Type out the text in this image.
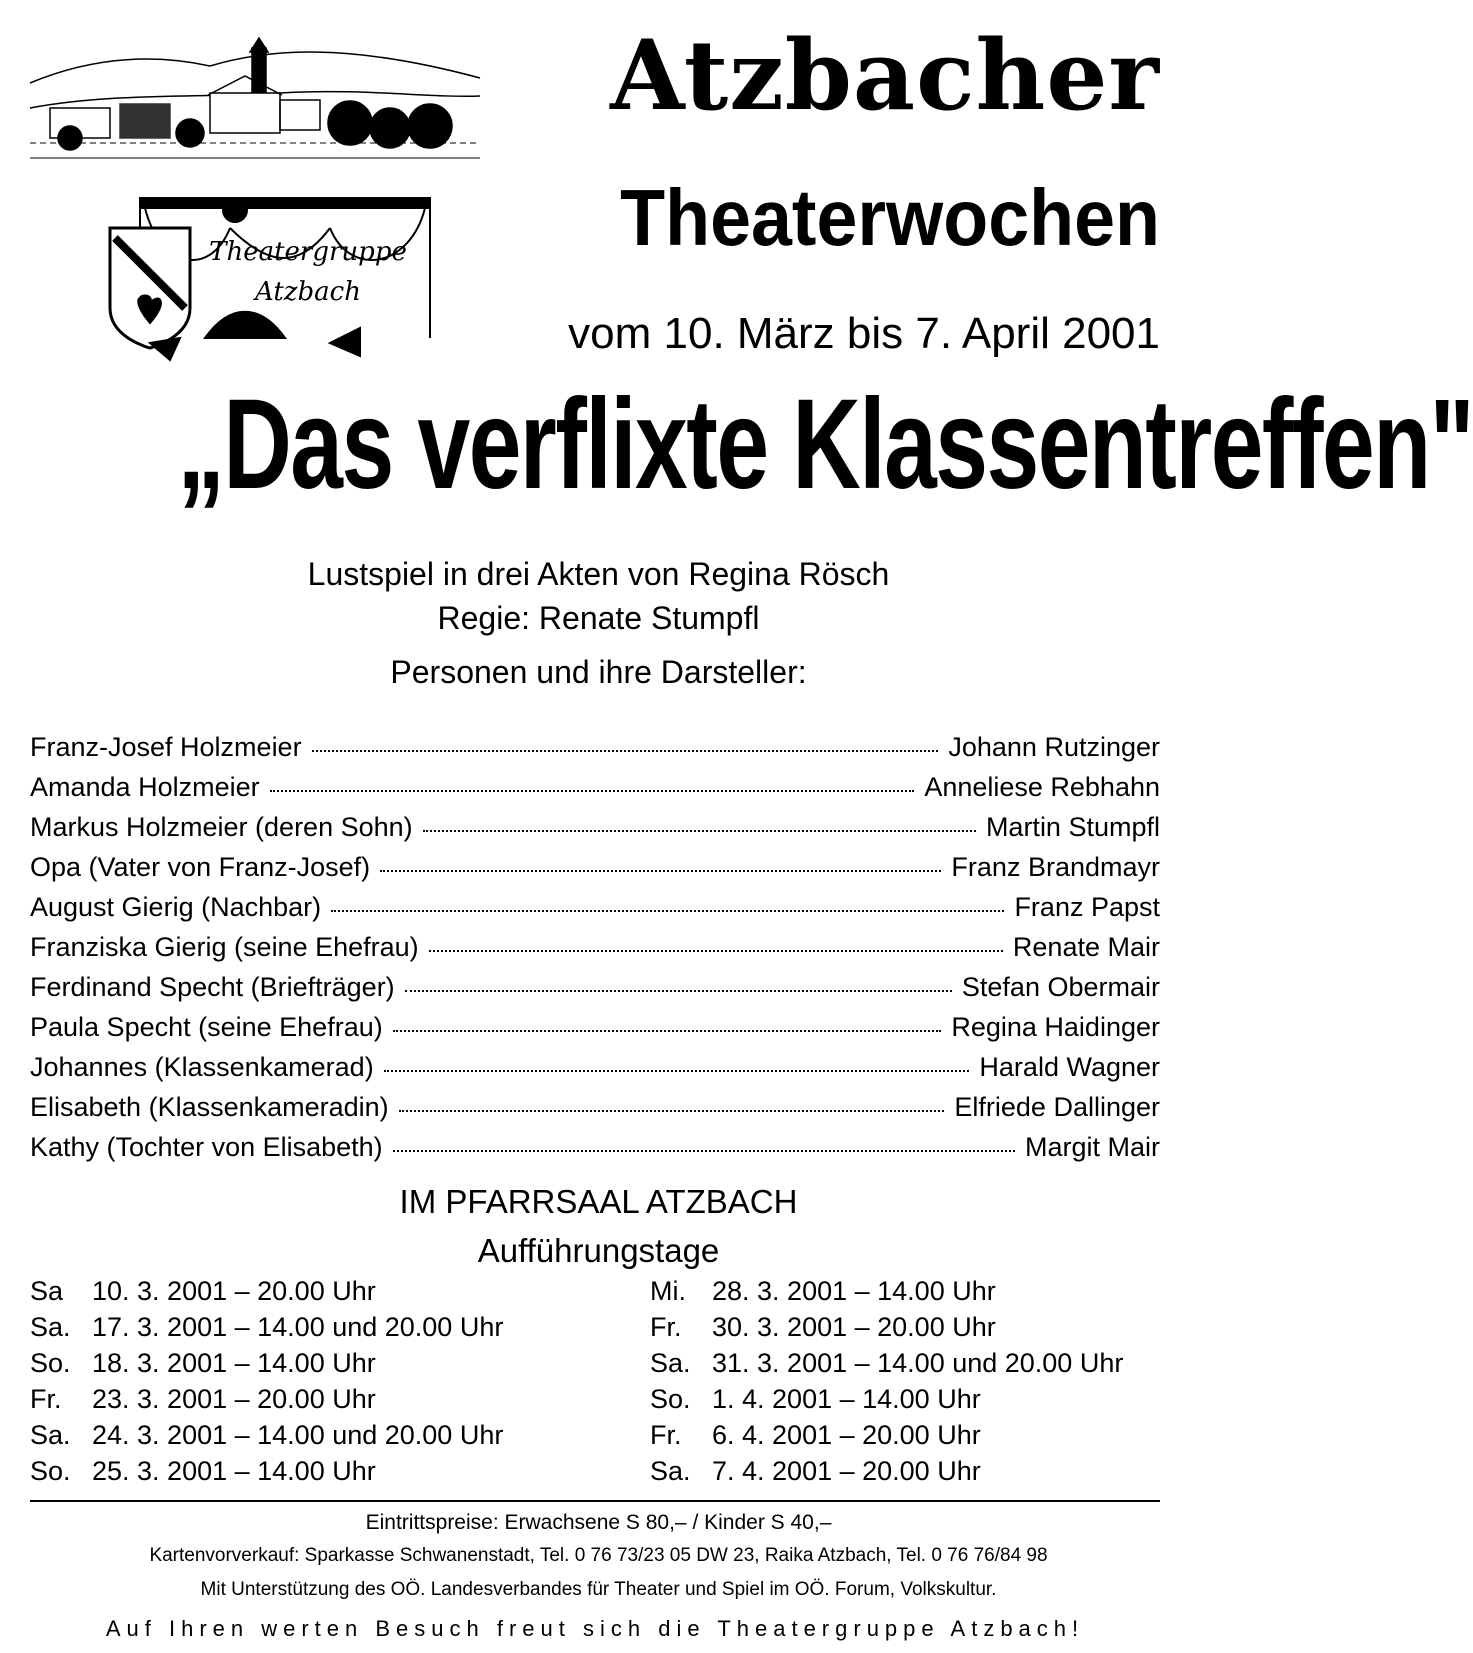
Theatergruppe
Atzbach
Atzbacher
Theaterwochen
vom 10. März bis 7. April 2001
„Das verflixte Klassentreffen"
Lustspiel in drei Akten von Regina Rösch
Regie: Renate Stumpfl
Personen und ihre Darsteller:
Franz-Josef Holzmeier	Johann Rutzinger
Amanda Holzmeier	Anneliese Rebhahn
Markus Holzmeier (deren Sohn)	Martin Stumpfl
Opa (Vater von Franz-Josef)	Franz Brandmayr
August Gierig (Nachbar)	Franz Papst
Franziska Gierig (seine Ehefrau)	Renate Mair
Ferdinand Specht (Briefträger)	Stefan Obermair
Paula Specht (seine Ehefrau)	Regina Haidinger
Johannes (Klassenkamerad)	Harald Wagner
Elisabeth (Klassenkameradin)	Elfriede Dallinger
Kathy (Tochter von Elisabeth)	Margit Mair
IM PFARRSAAL ATZBACH
Aufführungstage
Sa	10. 3. 2001 – 20.00 Uhr
Sa. 17. 3. 2001 – 14.00 und 20.00 Uhr
So. 18. 3. 2001 – 14.00 Uhr
Fr.	23. 3. 2001 – 20.00 Uhr
Sa. 24. 3. 2001 – 14.00 und 20.00 Uhr
So. 25. 3. 2001 – 14.00 Uhr
Mi. 28. 3. 2001 – 14.00 Uhr
Fr.	30. 3. 2001 – 20.00 Uhr
Sa. 31. 3. 2001 – 14.00 und 20.00 Uhr
So. 1. 4. 2001 – 14.00 Uhr
Fr.	6. 4. 2001 – 20.00 Uhr
Sa. 7. 4. 2001 – 20.00 Uhr
Eintrittspreise: Erwachsene S 80,– / Kinder S 40,–
Kartenvorverkauf: Sparkasse Schwanenstadt, Tel. 0 76 73/23 05 DW 23, Raika Atzbach, Tel. 0 76 76/84 98
Mit Unterstützung des OÖ. Landesverbandes für Theater und Spiel im OÖ. Forum, Volkskultur.
Auf Ihren werten Besuch freut sich die Theatergruppe Atzbach!
